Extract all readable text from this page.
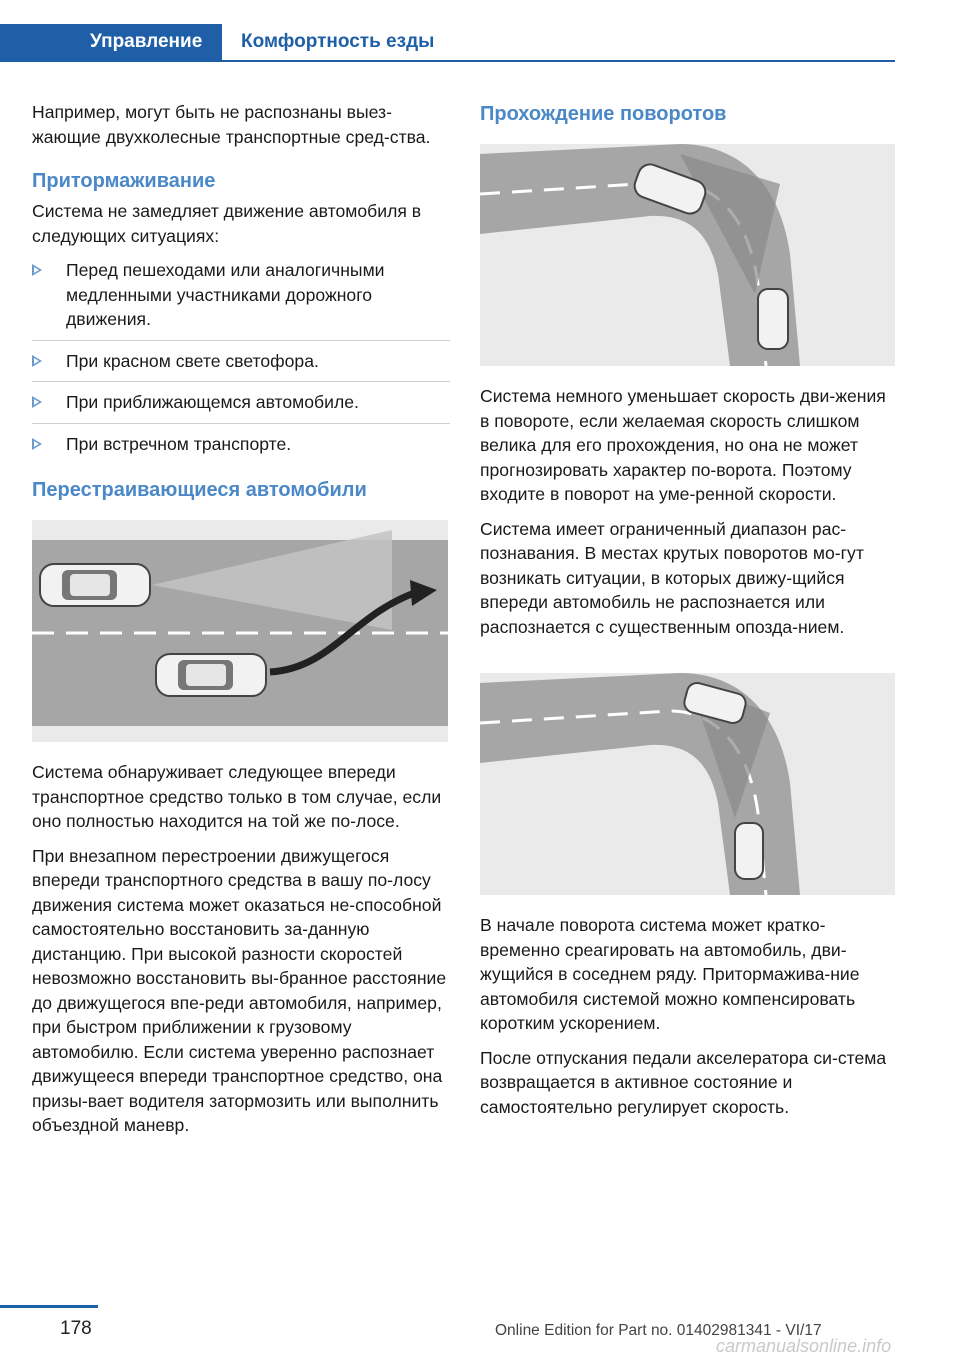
Управление	Комфортность езды

Например, могут быть не распознаны выез-жающие двухколесные транспортные сред-ства.

Притормаживание

Система не замедляет движение автомобиля в следующих ситуациях:

Перед пешеходами или аналогичными медленными участниками дорожного движения.
При красном свете светофора.
При приближающемся автомобиле.
При встречном транспорте.
Перестраивающиеся автомобили

Система обнаруживает следующее впереди транспортное средство только в том случае, если оно полностью находится на той же по-лосе.

При внезапном перестроении движущегося впереди транспортного средства в вашу по-лосу движения система может оказаться не-способной самостоятельно восстановить за-данную дистанцию. При высокой разности скоростей невозможно восстановить вы-бранное расстояние до движущегося впе-реди автомобиля, например, при быстром приближении к грузовому автомобилю. Если система уверенно распознает движущееся впереди транспортное средство, она призы-вает водителя затормозить или выполнить объездной маневр.

Прохождение поворотов

Система немного уменьшает скорость дви-жения в повороте, если желаемая скорость слишком велика для его прохождения, но она не может прогнозировать характер по-ворота. Поэтому входите в поворот на уме-ренной скорости.

Система имеет ограниченный диапазон рас-познавания. В местах крутых поворотов мо-гут возникать ситуации, в которых движу-щийся впереди автомобиль не распознается или распознается с существенным опозда-нием.

В начале поворота система может кратко-временно среагировать на автомобиль, дви-жущийся в соседнем ряду. Притормажива-ние автомобиля системой можно компенсировать коротким ускорением.

После отпускания педали акселератора си-стема возвращается в активное состояние и самостоятельно регулирует скорость.

178	Online Edition for Part no. 01402981341 - VI/17
carmanualsonline.info
